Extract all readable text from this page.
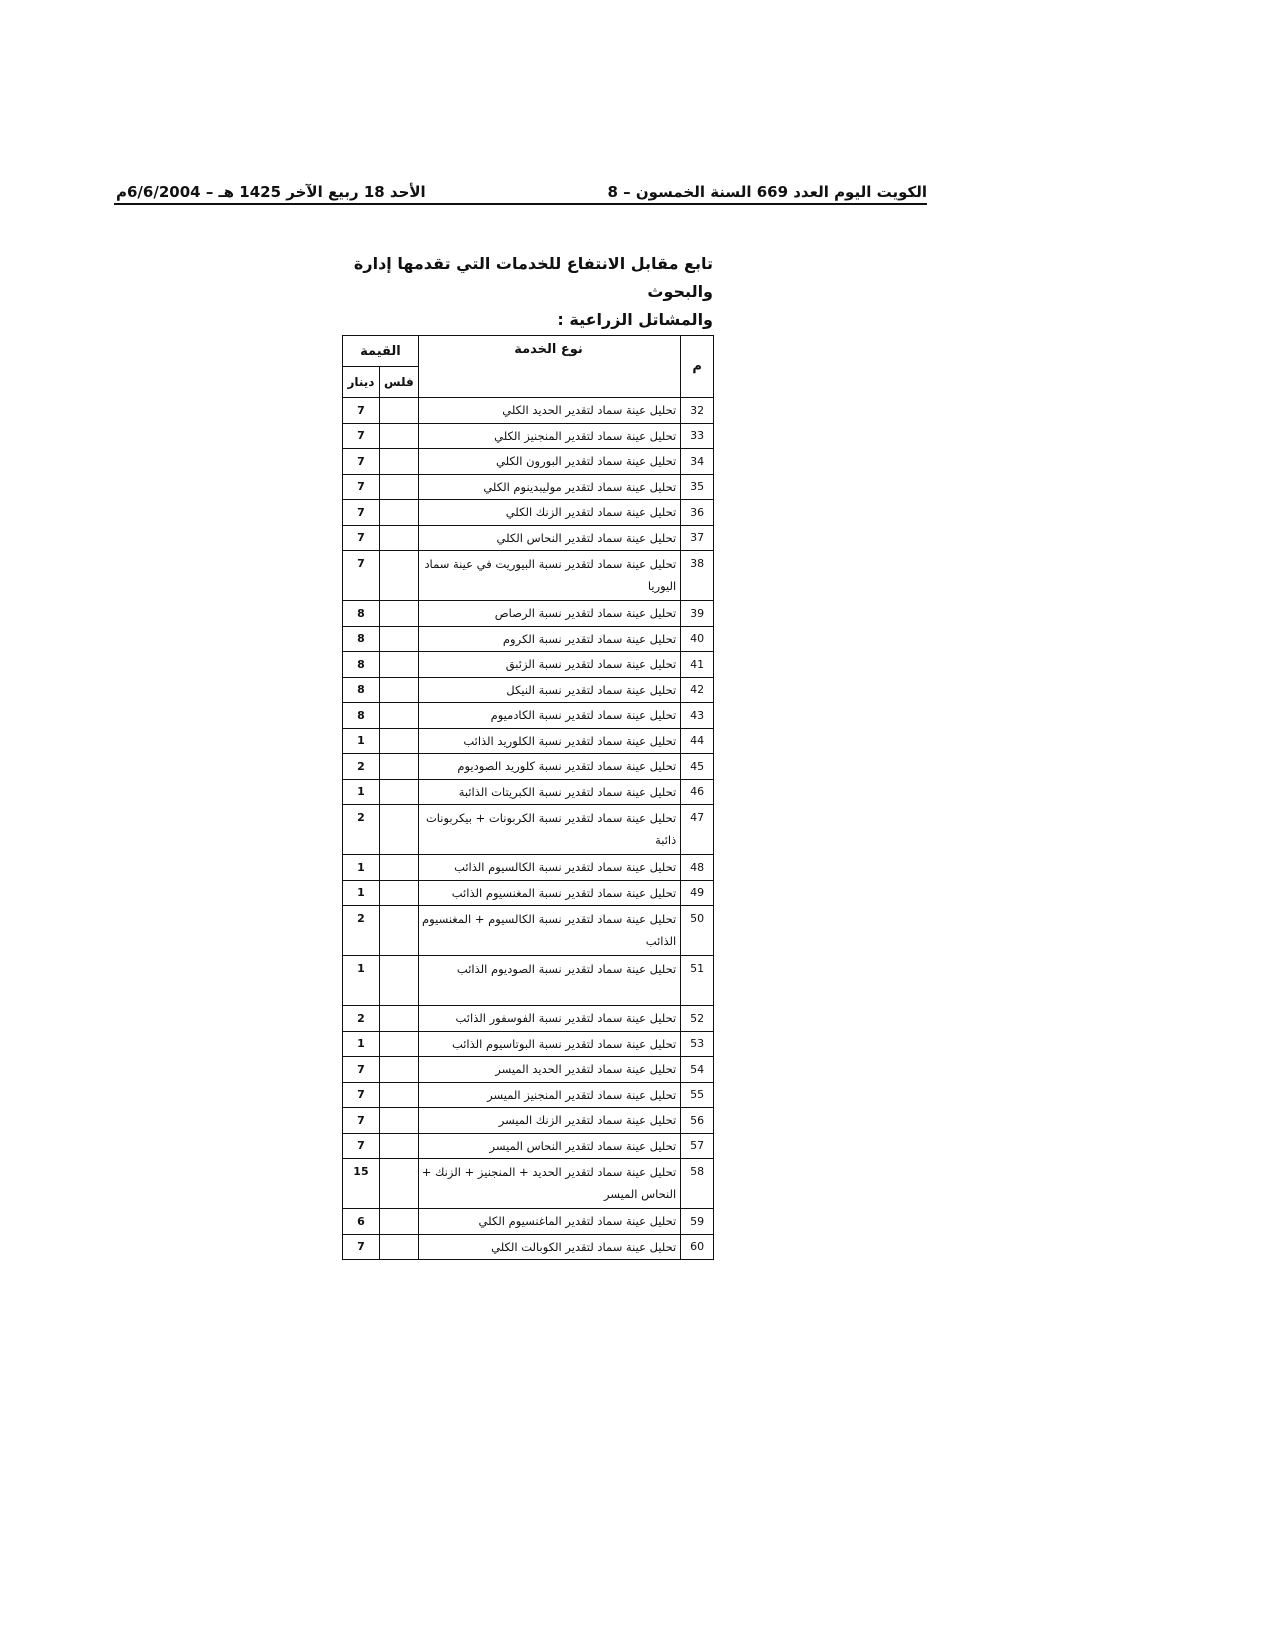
الكويت اليوم العدد 669 السنة الخمسون – 8
الأحد 18 ربيع الآخر 1425 هـ – 6/6/2004م
تابع مقابل الانتفاع للخدمات التي تقدمها إدارة والبحوث
والمشاتل الزراعية :
م	نوع الخدمة	القيمة	
		فلس	دينار
32	تحليل عينة سماد لتقدير الحديد الكلي		7
33	تحليل عينة سماد لتقدير المنجنيز الكلي		7
34	تحليل عينة سماد لتقدير البورون الكلي		7
35	تحليل عينة سماد لتقدير موليبدينوم الكلي		7
36	تحليل عينة سماد لتقدير الزنك الكلي		7
37	تحليل عينة سماد لتقدير النحاس الكلي		7
38	تحليل عينة سماد لتقدير نسبة البيوريت في عينة سماد اليوريا		7
39	تحليل عينة سماد لتقدير نسبة الرصاص		8
40	تحليل عينة سماد لتقدير نسبة الكروم		8
41	تحليل عينة سماد لتقدير نسبة الزئبق		8
42	تحليل عينة سماد لتقدير نسبة النيكل		8
43	تحليل عينة سماد لتقدير نسبة الكادميوم		8
44	تحليل عينة سماد لتقدير نسبة الكلوريد الذائب		1
45	تحليل عينة سماد لتقدير نسبة كلوريد الصوديوم		2
46	تحليل عينة سماد لتقدير نسبة الكبريتات الذائبة		1
47	تحليل عينة سماد لتقدير نسبة الكربونات + بيكربونات ذائبة		2
48	تحليل عينة سماد لتقدير نسبة الكالسيوم الذائب		1
49	تحليل عينة سماد لتقدير نسبة المغنسيوم الذائب		1
50	تحليل عينة سماد لتقدير نسبة الكالسيوم + المغنسيوم الذائب		2
51	تحليل عينة سماد لتقدير نسبة الصوديوم الذائب		1
52	تحليل عينة سماد لتقدير نسبة الفوسفور الذائب		2
53	تحليل عينة سماد لتقدير نسبة البوتاسيوم الذائب		1
54	تحليل عينة سماد لتقدير الحديد الميسر		7
55	تحليل عينة سماد لتقدير المنجنيز الميسر		7
56	تحليل عينة سماد لتقدير الزنك الميسر		7
57	تحليل عينة سماد لتقدير النحاس الميسر		7
58	تحليل عينة سماد لتقدير الحديد + المنجنيز + الزنك + النحاس الميسر		15
59	تحليل عينة سماد لتقدير الماغنسيوم الكلي		6
60	تحليل عينة سماد لتقدير الكوبالت الكلي		7
